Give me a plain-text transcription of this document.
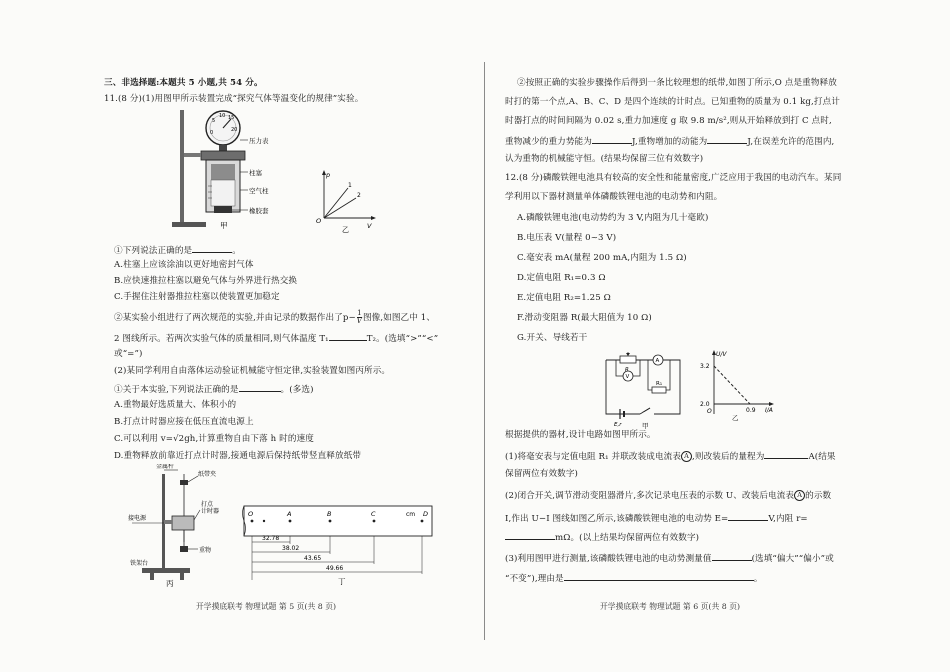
三、非选择题:本题共 5 小题,共 54 分。
11.(8 分)(1)用图甲所示装置完成“探究气体等温变化的规律”实验。
0
5
10 15
20
压力表
柱塞
空气柱
橡胶套
甲
p
V
O
1
2
乙
①下列说法正确的是	。
A.柱塞上应该涂油以更好地密封气体
B.应快速推拉柱塞以避免气体与外界进行热交换
C.手握住注射器推拉柱塞以使装置更加稳定
②某实验小组进行了两次规范的实验,并由记录的数据作出了$p- \frac{1}{V}$ 图像,如图乙中 1、
2 图线所示。若两次实验气体的质量相同,则气体温度 T₁	T₂。(选填“>”“<”
或“=”)
(2)某同学利用自由落体运动验证机械能守恒定律,实验装置如图丙所示。
①关于本实验,下列说法正确的是	。(多选)
A.重物最好选质量大、体积小的
B.打点计时器应接在低压直流电源上
C.可以利用 v=√2gh,计算重物自由下落 h 时的速度
D.重物释放前靠近打点计时器,接通电源后保持纸带竖直释放纸带
金属杆
纸带夹
打点
计时器
接电源
重物
铁架台
丙
O	A	B	C	D
cm
32.78
38.02
43.65
49.66
丁
开学摸底联考 物理试题 第 5 页(共 8 页)
②按照正确的实验步骤操作后得到一条比较理想的纸带,如图丁所示,O 点是重物释放
时打的第一个点,A、B、C、D 是四个连续的计时点。已知重物的质量为 0.1 kg,打点计
时器打点的时间间隔为 0.02 s,重力加速度 g 取 9.8 m/s²,则从开始释放到打 C 点时,
重物减少的重力势能为	J,重物增加的动能为	J,在误差允许的范围内,
认为重物的机械能守恒。(结果均保留三位有效数字)
12.(8 分)磷酸铁锂电池具有较高的安全性和能量密度,广泛应用于我国的电动汽车。某同
学利用以下器材测量单体磷酸铁锂电池的电动势和内阻。
A.磷酸铁锂电池(电动势约为 3 V,内阻为几十毫欧)
B.电压表 V(量程 0~3 V)
C.毫安表 mA(量程 200 mA,内阻为 1.5 Ω)
D.定值电阻 R₁=0.3 Ω
E.定值电阻 R₂=1.25 Ω
F.滑动变阻器 R(最大阻值为 10 Ω)
G.开关、导线若干
R
V
A
R₁
E,r	甲
U/V
I/A
3.2
2.0
0.9
O
乙
根据提供的器材,设计电路如图甲所示。
(1)将毫安表与定值电阻 R₁ 并联改装成电流表 A ,则改装后的量程为	A(结果
保留两位有效数字)
(2)闭合开关,调节滑动变阻器滑片,多次记录电压表的示数 U、改装后电流表 A 的示数
I,作出 U−I 图线如图乙所示,该磷酸铁锂电池的电动势 E=	V,内阻 r=
mΩ。(以上结果均保留两位有效数字)
(3)利用图甲进行测量,该磷酸铁锂电池的电动势测量值	(选填“偏大”“偏小”或
“不变”),理由是	。
开学摸底联考 物理试题 第 6 页(共 8 页)
